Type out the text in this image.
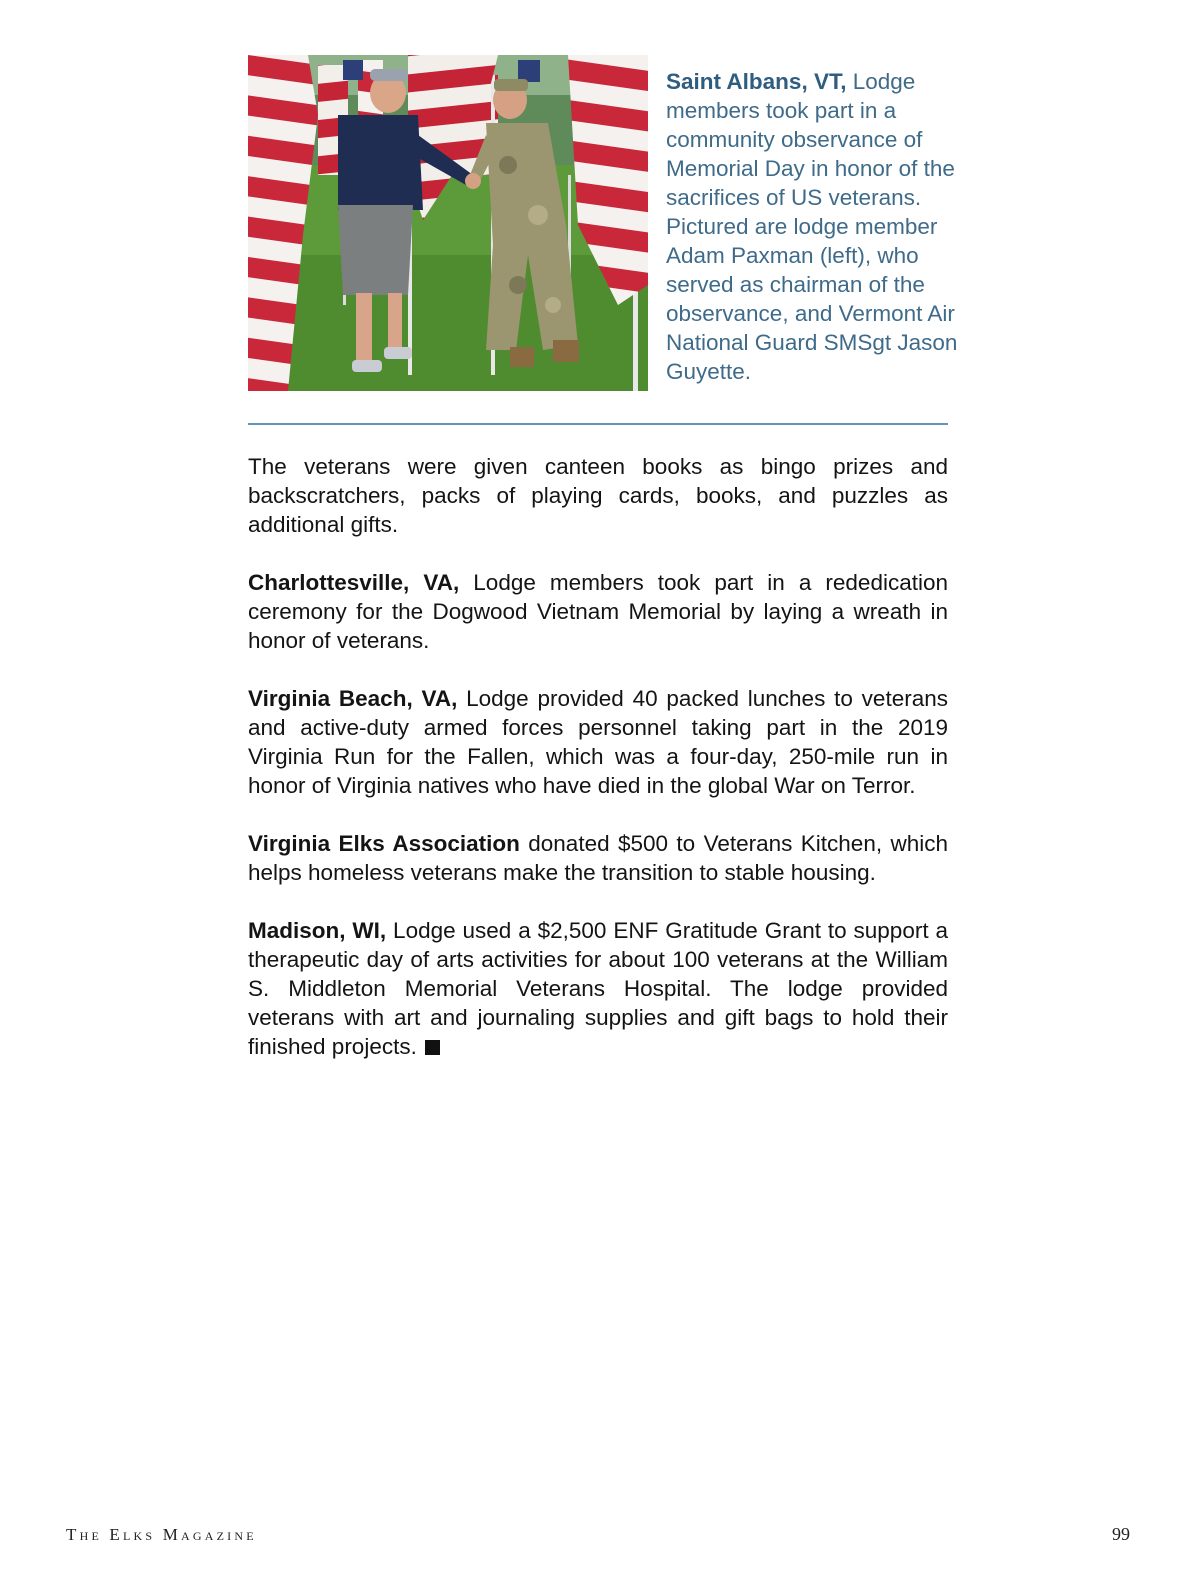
Saint Albans, VT, Lodge members took part in a community observance of Memorial Day in honor of the sacrifices of US veterans. Pictured are lodge member Adam Paxman (left), who served as chairman of the observance, and Vermont Air National Guard SMSgt Jason Guyette.

The veterans were given canteen books as bingo prizes and backscratchers, packs of playing cards, books, and puzzles as additional gifts.

Charlottesville, VA, Lodge members took part in a rededication ceremony for the Dogwood Vietnam Memorial by laying a wreath in honor of veterans.

Virginia Beach, VA, Lodge provided 40 packed lunches to veterans and active-duty armed forces personnel taking part in the 2019 Virginia Run for the Fallen, which was a four-day, 250-mile run in honor of Virginia natives who have died in the global War on Terror.

Virginia Elks Association donated $500 to Veterans Kitchen, which helps homeless veterans make the transition to stable housing.

Madison, WI, Lodge used a $2,500 ENF Gratitude Grant to support a therapeutic day of arts activities for about 100 veterans at the William S. Middleton Memorial Veterans Hospital. The lodge provided veterans with art and journaling supplies and gift bags to hold their finished projects.

The Elks Magazine	99
